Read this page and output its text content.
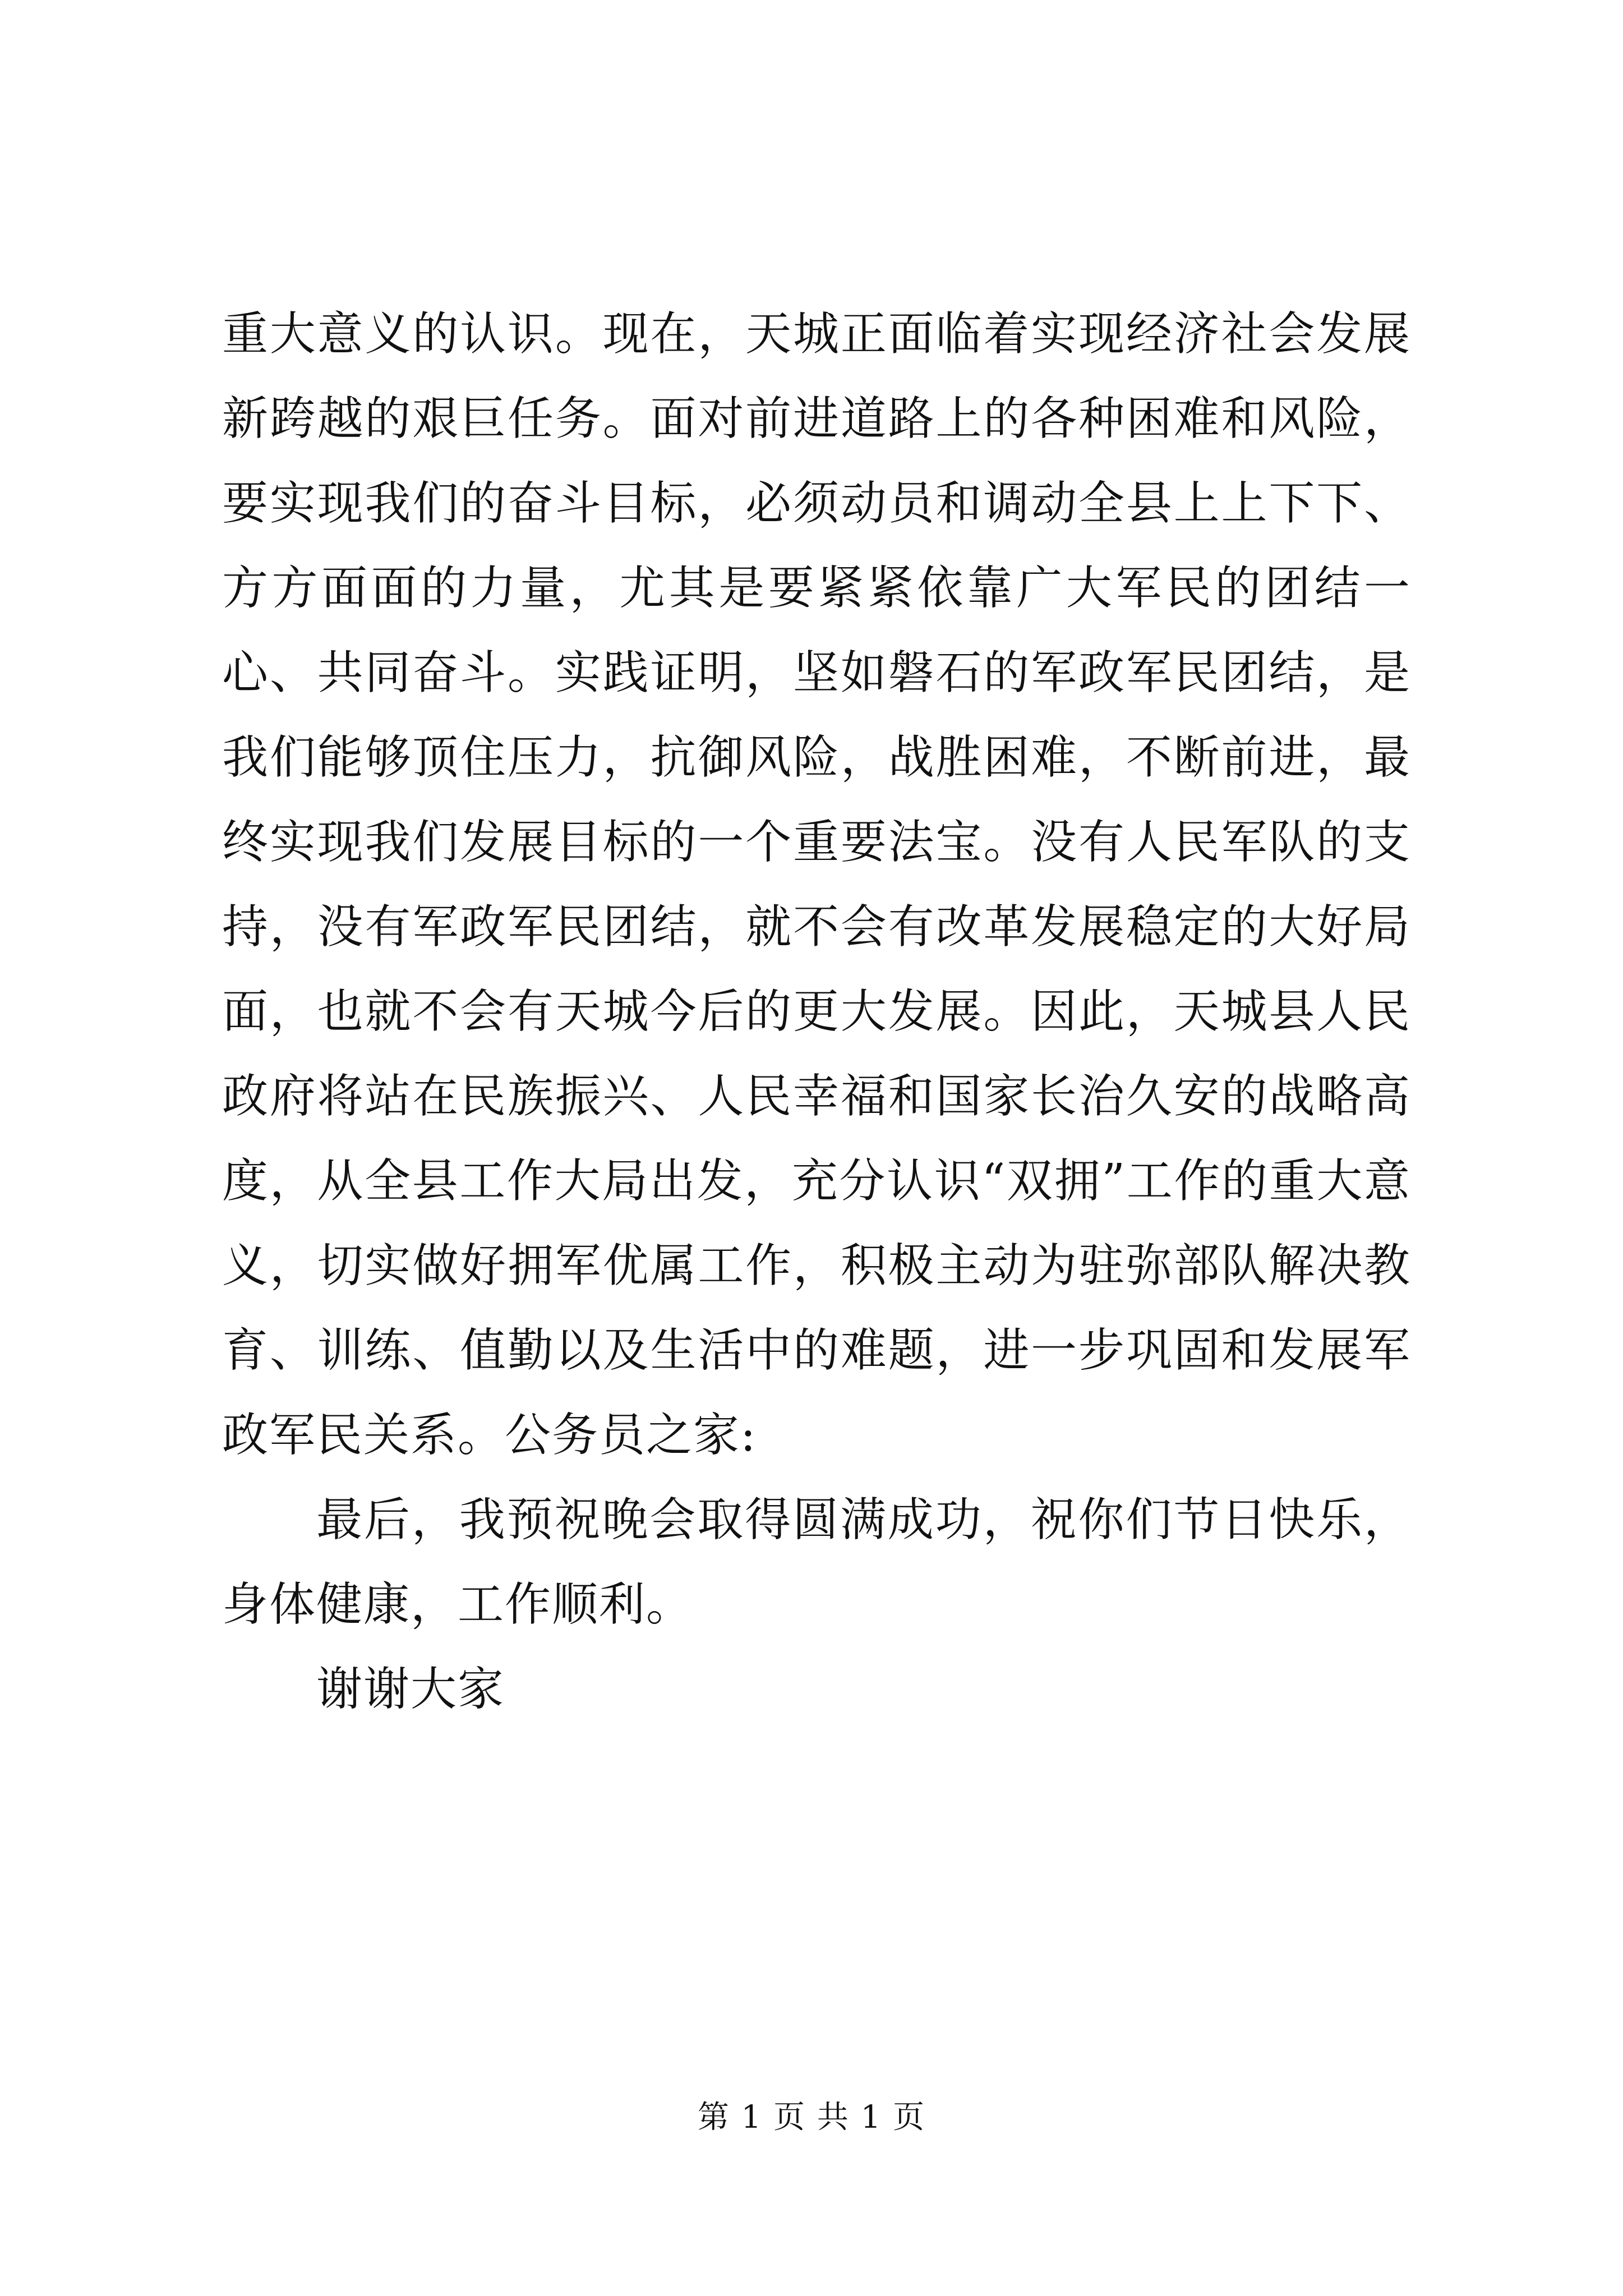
重大意义的认识。现在，天城正面临着实现经济社会发展新跨越的艰巨任务。面对前进道路上的各种困难和风险，要实现我们的奋斗目标，必须动员和调动全县上上下下、方方面面的力量，尤其是要紧紧依靠广大军民的团结一心、共同奋斗。实践证明，坚如磐石的军政军民团结，是我们能够顶住压力，抗御风险，战胜困难，不断前进，最终实现我们发展目标的一个重要法宝。没有人民军队的支持，没有军政军民团结，就不会有改革发展稳定的大好局面，也就不会有天城今后的更大发展。因此，天城县人民政府将站在民族振兴、人民幸福和国家长治久安的战略高度，从全县工作大局出发，充分认识“双拥”工作的重大意义，切实做好拥军优属工作，积极主动为驻弥部队解决教育、训练、值勤以及生活中的难题，进一步巩固和发展军政军民关系。公务员之家:

最后，我预祝晚会取得圆满成功，祝你们节日快乐，身体健康，工作顺利。

谢谢大家

第 1 页 共 1 页
